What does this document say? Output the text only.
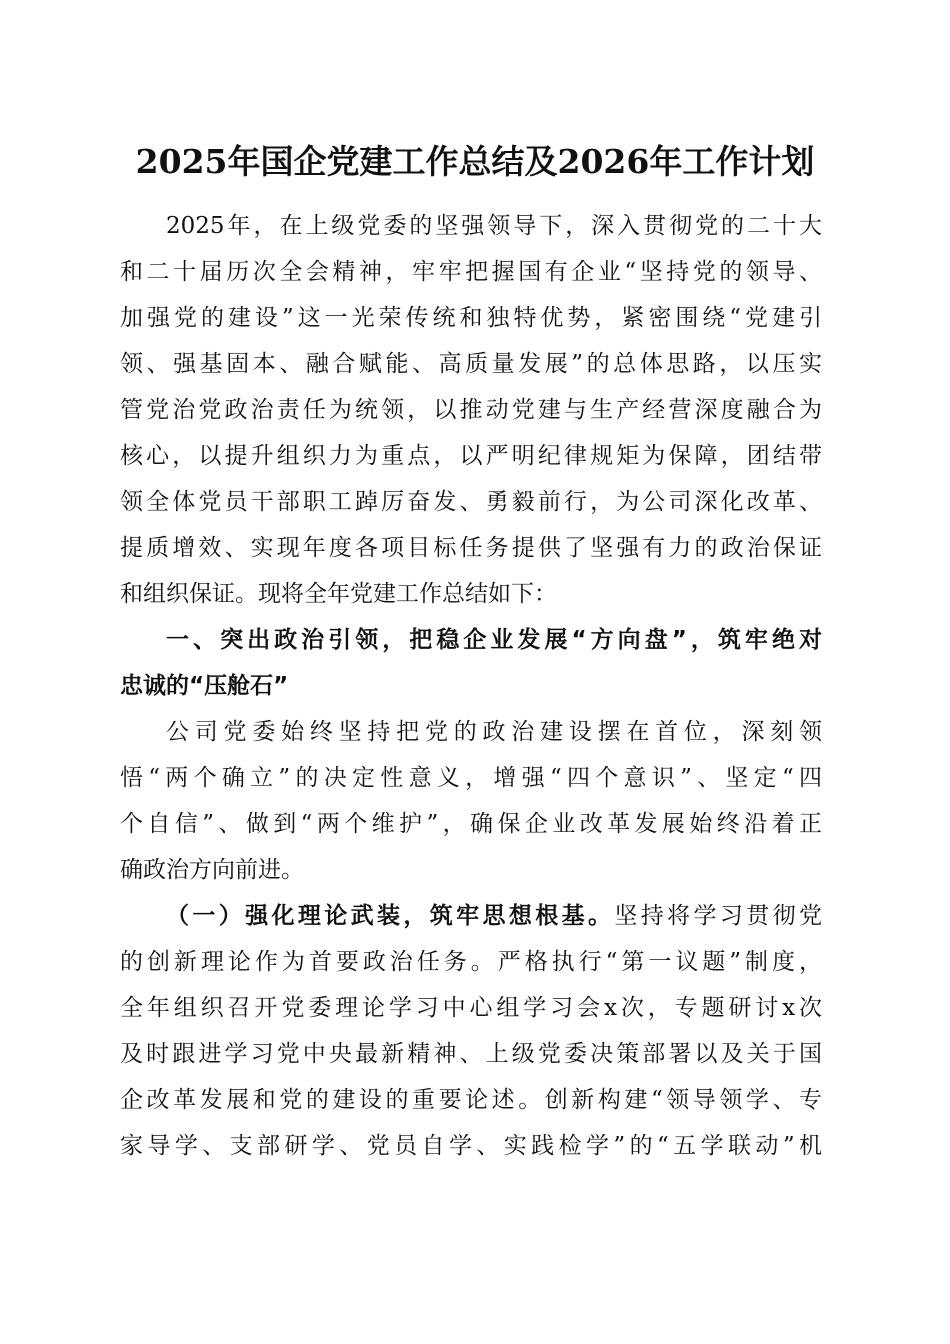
2025年国企党建工作总结及2026年工作计划
2025年，在上级党委的坚强领导下，深入贯彻党的二十大
和二十届历次全会精神，牢牢把握国有企业“坚持党的领导、
加强党的建设”这一光荣传统和独特优势，紧密围绕“党建引
领、强基固本、融合赋能、高质量发展”的总体思路，以压实
管党治党政治责任为统领，以推动党建与生产经营深度融合为
核心，以提升组织力为重点，以严明纪律规矩为保障，团结带
领全体党员干部职工踔厉奋发、勇毅前行，为公司深化改革、
提质增效、实现年度各项目标任务提供了坚强有力的政治保证
和组织保证。现将全年党建工作总结如下：
一、突出政治引领，把稳企业发展“方向盘”，筑牢绝对
忠诚的“压舱石”
公司党委始终坚持把党的政治建设摆在首位，深刻领
悟“两个确立”的决定性意义，增强“四个意识”、坚定“四
个自信”、做到“两个维护”，确保企业改革发展始终沿着正
确政治方向前进。
（一）强化理论武装，筑牢思想根基。坚持将学习贯彻党
的创新理论作为首要政治任务。严格执行“第一议题”制度，
全年组织召开党委理论学习中心组学习会x次，专题研讨x次
及时跟进学习党中央最新精神、上级党委决策部署以及关于国
企改革发展和党的建设的重要论述。创新构建“领导领学、专
家导学、支部研学、党员自学、实践检学”的“五学联动”机
